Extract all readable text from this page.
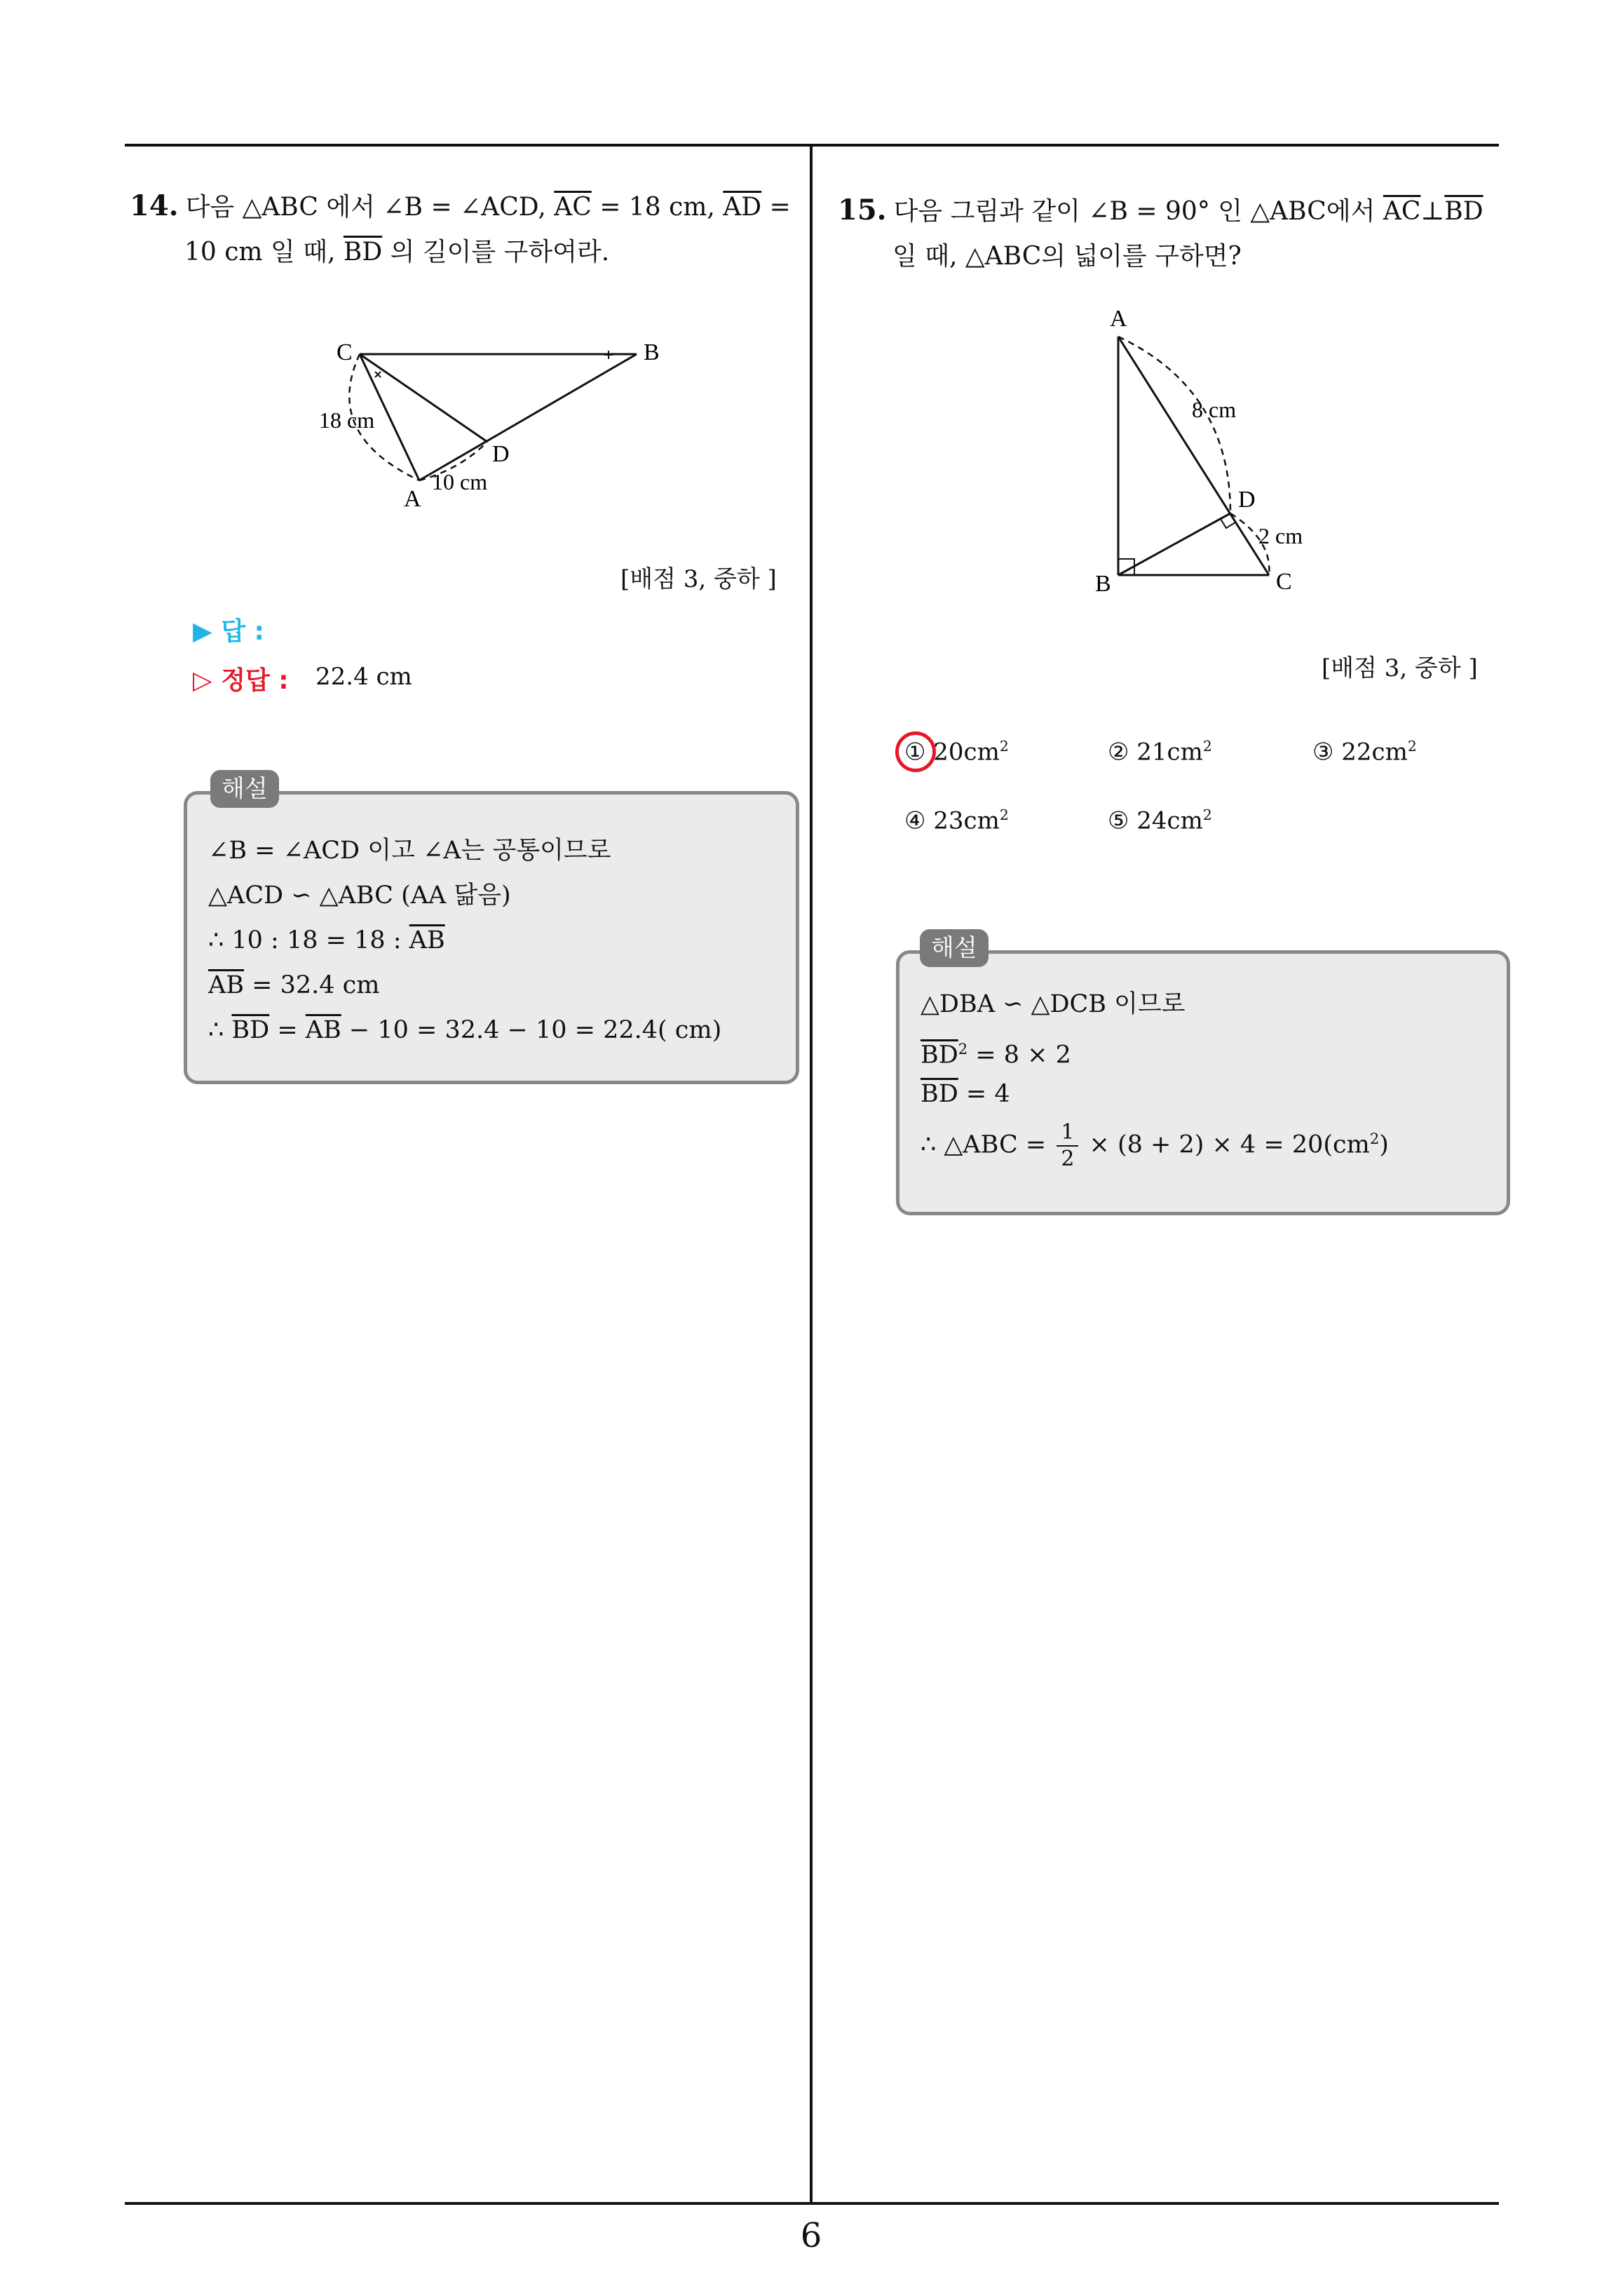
14. 다음 △ABC 에서 ∠B = ∠ACD, $\overline{AC} = 18$ cm, $\overline{AD}$ =
10 cm 일 때, $\overline{BD}$ 의 길이를 구하여라.
C	B
D
A
18 cm
10 cm
[배점 3, 중하 ]
▶ 답 :
▷ 정답 : 22.4 cm
∠B = ∠ACD 이고 ∠A는 공통이므로
△ACD ∽ △ABC (AA 닮음)
∴ 10 : 18 = 18 : $\overline{AB}$
$\overline{AB} = 32.4$ cm
∴ $\overline{BD} = \overline{AB} - 10 = 32.4 - 10 = 22.4$( cm)
해설
15. 다음 그림과 같이 ∠B = 90° 인 △ABC에서 $\overline{AC}\perp\overline{BD}$
일 때, △ABC의 넓이를 구하면?
A
B	C
D
8 cm
2 cm
[배점 3, 중하 ]
① $20cm^2$	② $21cm^2$	③ $22cm^2$
④ $23cm^2$	⑤ $24cm^2$
△DBA ∽ △DCB 이므로
$\overline{BD}^2 = 8 \times 2$
$\overline{BD} = 4$
∴ △ABC = $\frac{1}{2} \times (8 + 2) \times 4 = 20(cm^2)$
해설
6
